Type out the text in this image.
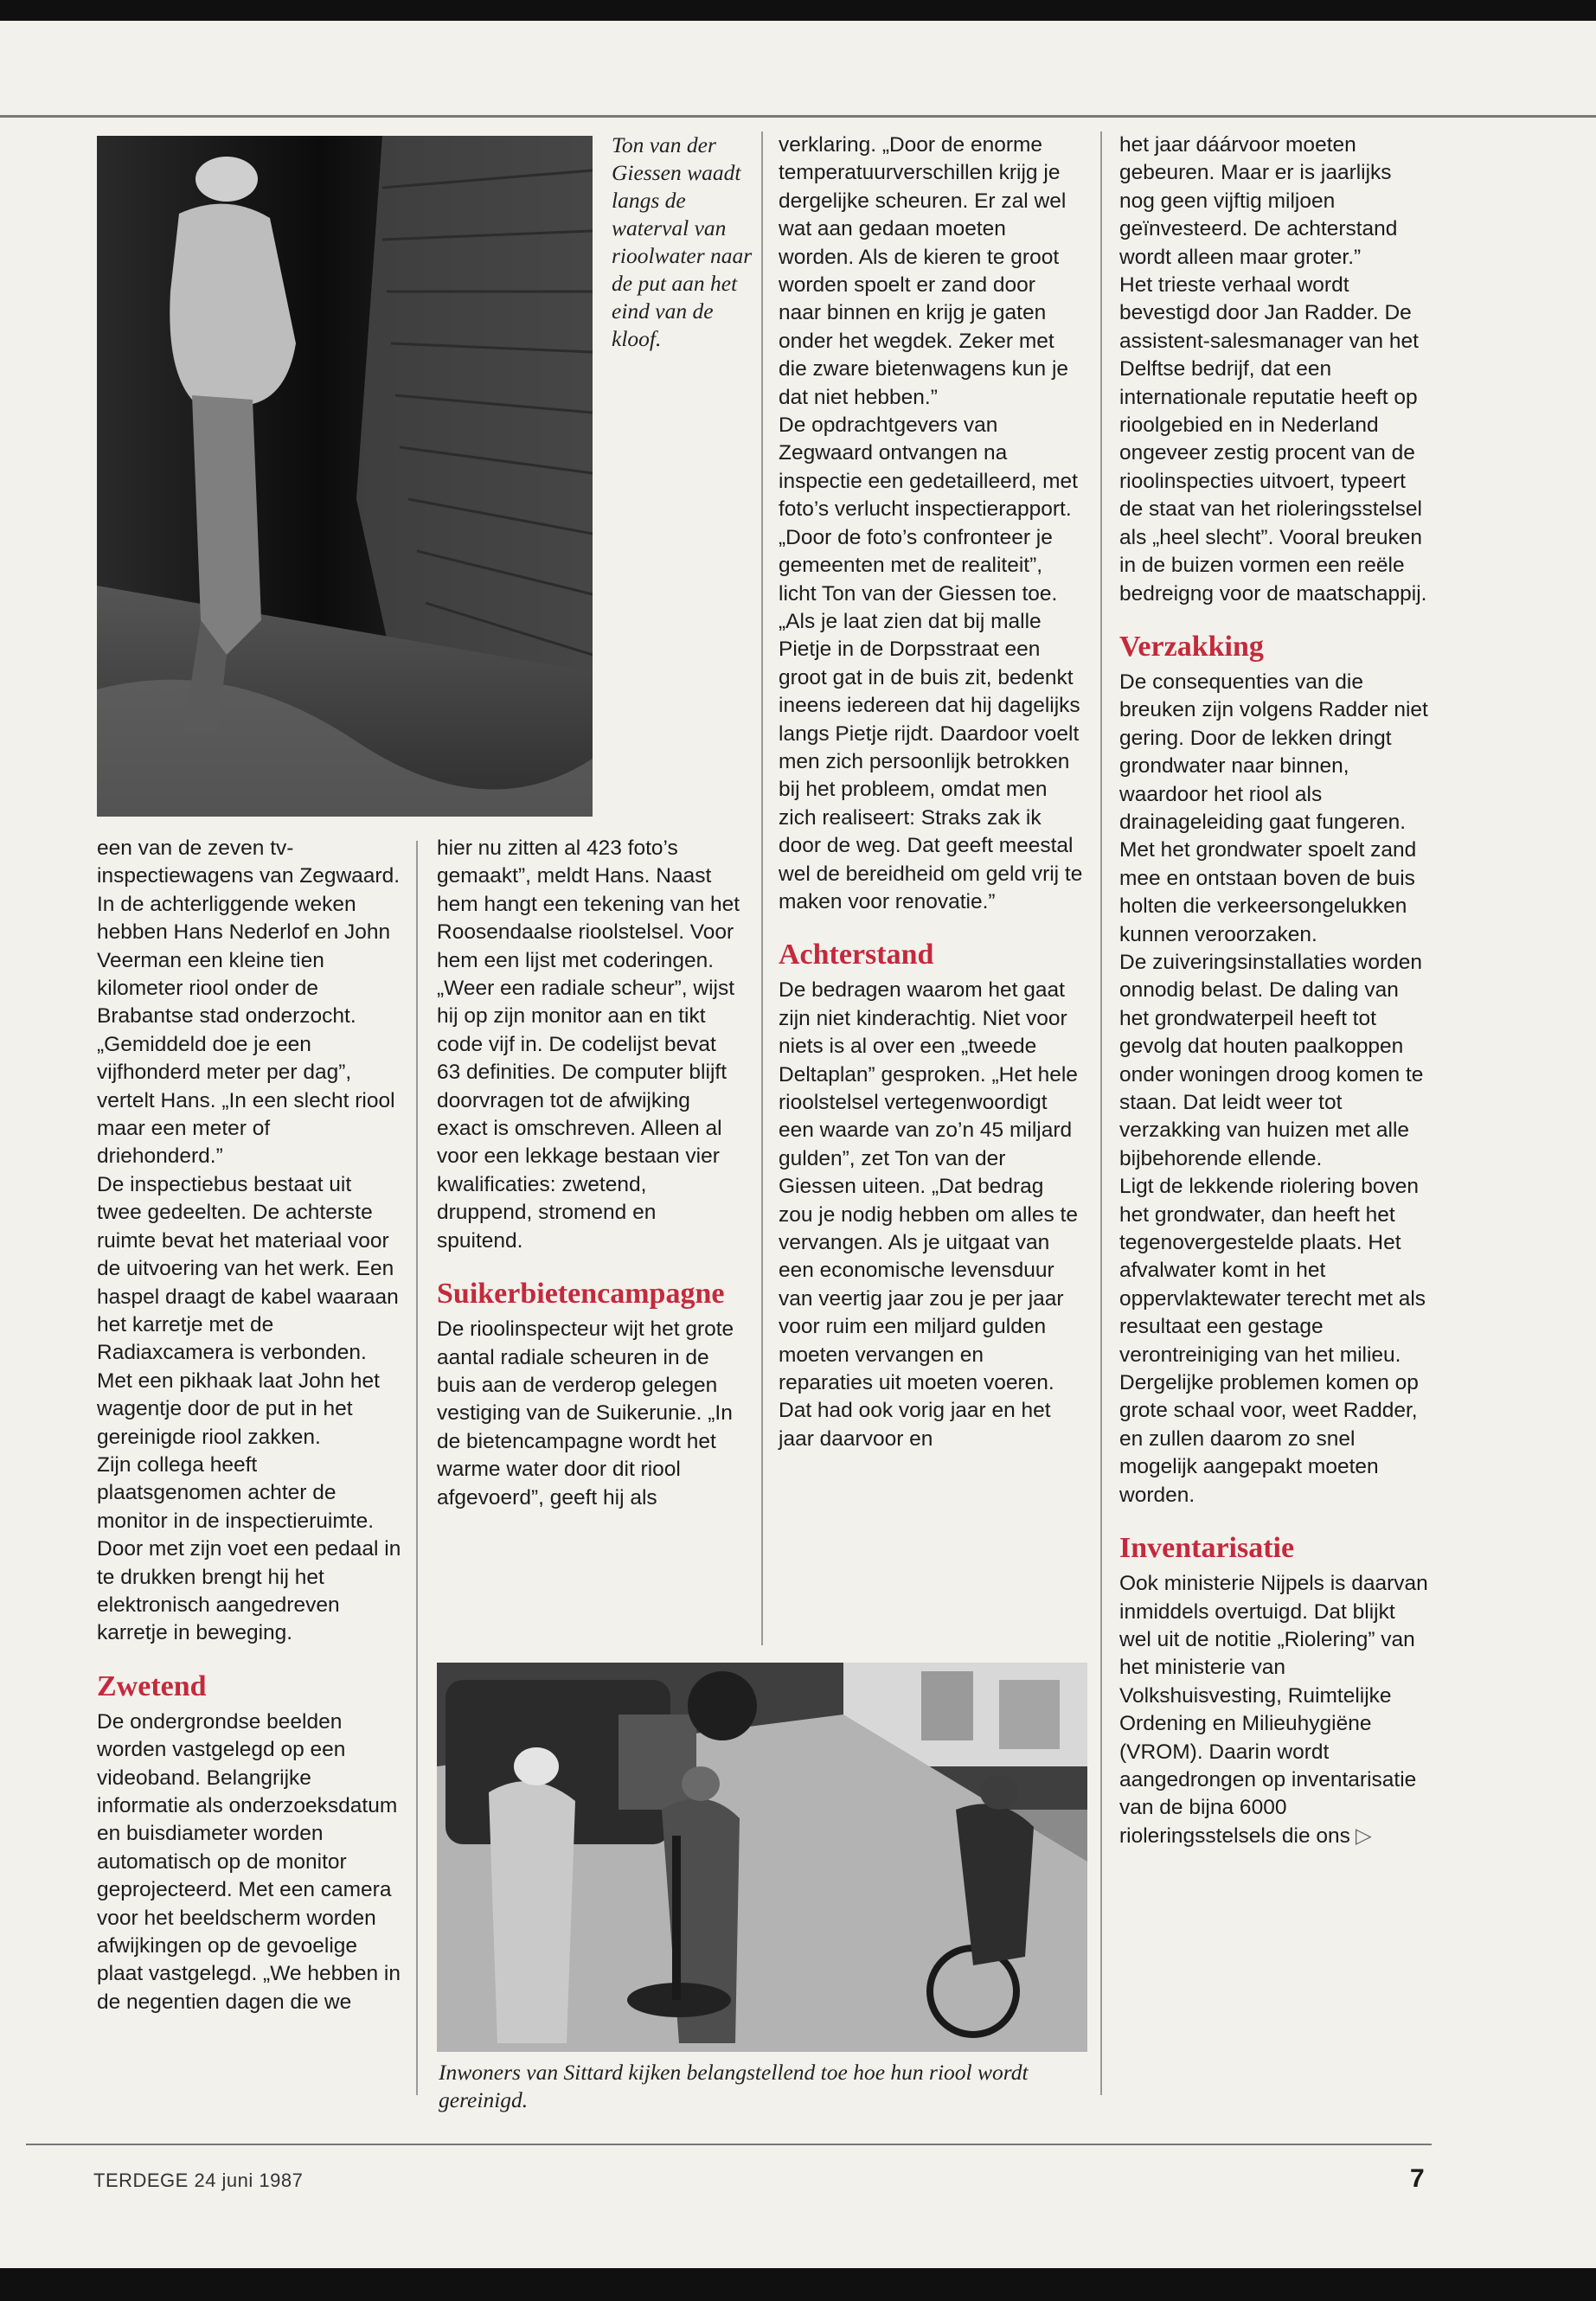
Ton van der Giessen waadt langs de waterval van rioolwater naar de put aan het eind van de kloof.

een van de zeven tv-inspectiewagens van Zegwaard. In de achterliggende weken hebben Hans Nederlof en John Veerman een kleine tien kilometer riool onder de Brabantse stad onderzocht. „Gemiddeld doe je een vijfhonderd meter per dag”, vertelt Hans. „In een slecht riool maar een meter of driehonderd.”

De inspectiebus bestaat uit twee gedeelten. De achterste ruimte bevat het materiaal voor de uitvoering van het werk. Een haspel draagt de kabel waaraan het karretje met de Radiaxcamera is verbonden. Met een pikhaak laat John het wagentje door de put in het gereinigde riool zakken.

Zijn collega heeft plaatsgenomen achter de monitor in de inspectieruimte. Door met zijn voet een pedaal in te drukken brengt hij het elektronisch aangedreven karretje in beweging.

Zwetend

De ondergrondse beelden worden vastgelegd op een videoband. Belangrijke informatie als onderzoeksdatum en buisdiameter worden automatisch op de monitor geprojecteerd. Met een camera voor het beeldscherm worden afwijkingen op de gevoelige plaat vastgelegd. „We hebben in de negentien dagen die we

hier nu zitten al 423 foto’s gemaakt”, meldt Hans. Naast hem hangt een tekening van het Roosendaalse rioolstelsel. Voor hem een lijst met coderingen. „Weer een radiale scheur”, wijst hij op zijn monitor aan en tikt code vijf in. De codelijst bevat 63 definities. De computer blijft doorvragen tot de afwijking exact is omschreven. Alleen al voor een lekkage bestaan vier kwalificaties: zwetend, druppend, stromend en spuitend.

Suikerbietencampagne

De rioolinspecteur wijt het grote aantal radiale scheuren in de buis aan de verderop gelegen vestiging van de Suikerunie. „In de bietencampagne wordt het warme water door dit riool afgevoerd”, geeft hij als

verklaring. „Door de enorme temperatuurverschillen krijg je dergelijke scheuren. Er zal wel wat aan gedaan moeten worden. Als de kieren te groot worden spoelt er zand door naar binnen en krijg je gaten onder het wegdek. Zeker met die zware bietenwagens kun je dat niet hebben.”

De opdrachtgevers van Zegwaard ontvangen na inspectie een gedetailleerd, met foto’s verlucht inspectierapport. „Door de foto’s confronteer je gemeenten met de realiteit”, licht Ton van der Giessen toe. „Als je laat zien dat bij malle Pietje in de Dorpsstraat een groot gat in de buis zit, bedenkt ineens iedereen dat hij dagelijks langs Pietje rijdt. Daardoor voelt men zich persoonlijk betrokken bij het probleem, omdat men zich realiseert: Straks zak ik door de weg. Dat geeft meestal wel de bereidheid om geld vrij te maken voor renovatie.”

Achterstand

De bedragen waarom het gaat zijn niet kinderachtig. Niet voor niets is al over een „tweede Deltaplan” gesproken. „Het hele rioolstelsel vertegenwoordigt een waarde van zo’n 45 miljard gulden”, zet Ton van der Giessen uiteen. „Dat bedrag zou je nodig hebben om alles te vervangen. Als je uitgaat van een economische levensduur van veertig jaar zou je per jaar voor ruim een miljard gulden moeten vervangen en reparaties uit moeten voeren. Dat had ook vorig jaar en het jaar daarvoor en

het jaar dáárvoor moeten gebeuren. Maar er is jaarlijks nog geen vijftig miljoen geïnvesteerd. De achterstand wordt alleen maar groter.”

Het trieste verhaal wordt bevestigd door Jan Radder. De assistent-salesmanager van het Delftse bedrijf, dat een internationale reputatie heeft op rioolgebied en in Nederland ongeveer zestig procent van de rioolinspecties uitvoert, typeert de staat van het rioleringsstelsel als „heel slecht”. Vooral breuken in de buizen vormen een reële bedreigng voor de maatschappij.

Verzakking

De consequenties van die breuken zijn volgens Radder niet gering. Door de lekken dringt grondwater naar binnen, waardoor het riool als drainageleiding gaat fungeren. Met het grondwater spoelt zand mee en ontstaan boven de buis holten die verkeersongelukken kunnen veroorzaken.

De zuiveringsinstallaties worden onnodig belast. De daling van het grondwaterpeil heeft tot gevolg dat houten paalkoppen onder woningen droog komen te staan. Dat leidt weer tot verzakking van huizen met alle bijbehorende ellende.

Ligt de lekkende riolering boven het grondwater, dan heeft het tegenovergestelde plaats. Het afvalwater komt in het oppervlaktewater terecht met als resultaat een gestage verontreiniging van het milieu. Dergelijke problemen komen op grote schaal voor, weet Radder, en zullen daarom zo snel mogelijk aangepakt moeten worden.

Inventarisatie

Ook ministerie Nijpels is daarvan inmiddels overtuigd. Dat blijkt wel uit de notitie „Riolering” van het ministerie van Volkshuisvesting, Ruimtelijke Ordening en Milieuhygiëne (VROM). Daarin wordt aangedrongen op inventarisatie van de bijna 6000 rioleringsstelsels die ons ▷

Inwoners van Sittard kijken belangstellend toe hoe hun riool wordt gereinigd.
TERDEGE 24 juni 1987	7
